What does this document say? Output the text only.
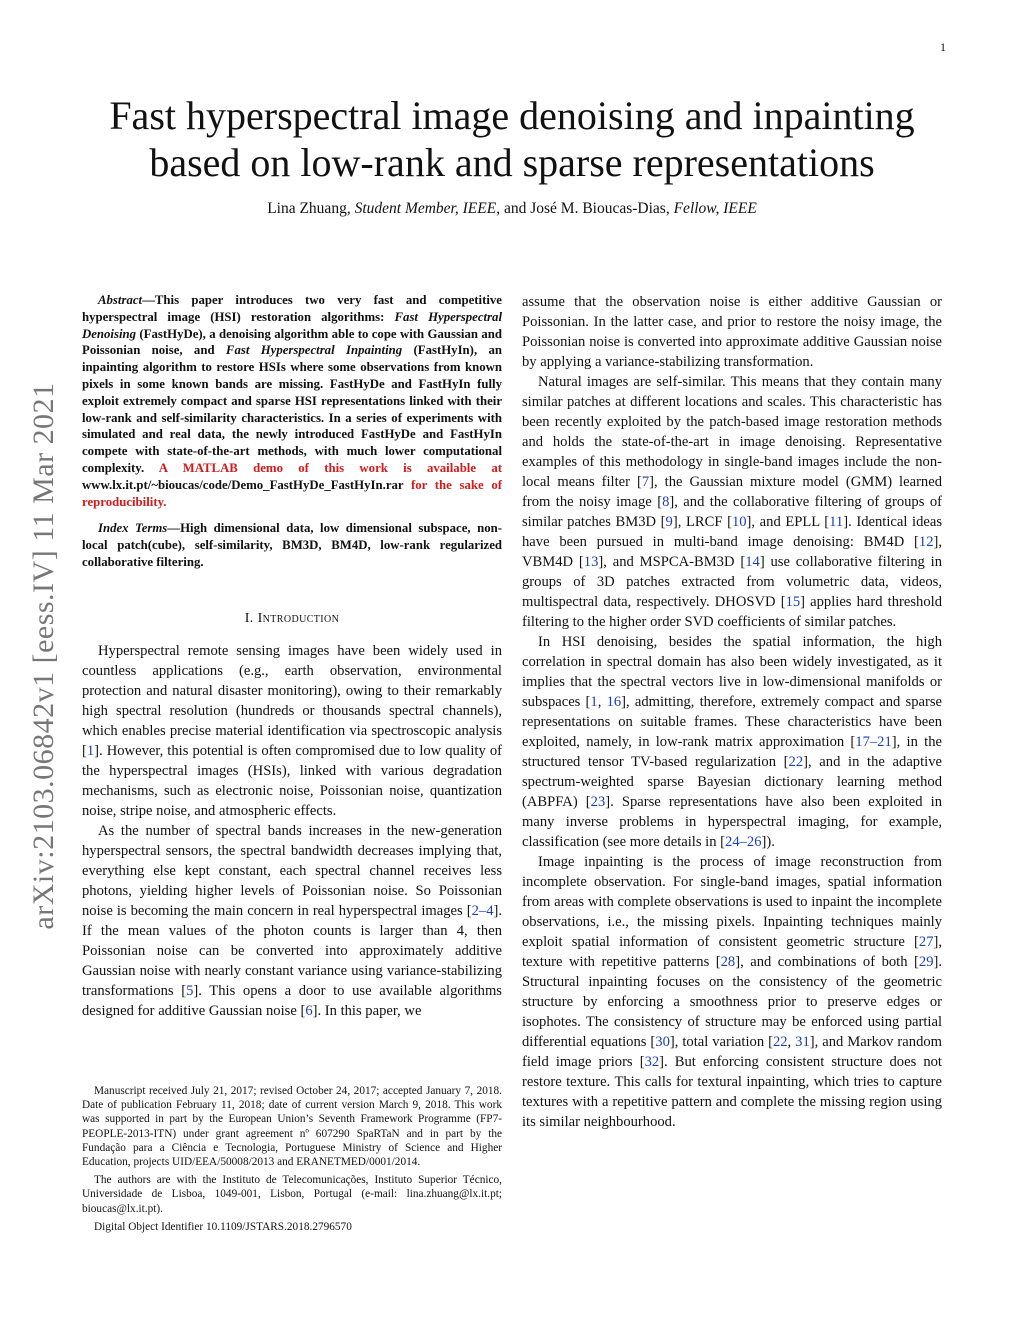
1
arXiv:2103.06842v1 [eess.IV] 11 Mar 2021
Fast hyperspectral image denoising and inpainting
based on low-rank and sparse representations
Lina Zhuang, Student Member, IEEE, and José M. Bioucas-Dias, Fellow, IEEE

Abstract—This paper introduces two very fast and competitive hyperspectral image (HSI) restoration algorithms: Fast Hyperspectral Denoising (FastHyDe), a denoising algorithm able to cope with Gaussian and Poissonian noise, and Fast Hyperspectral Inpainting (FastHyIn), an inpainting algorithm to restore HSIs where some observations from known pixels in some known bands are missing. FastHyDe and FastHyIn fully exploit extremely compact and sparse HSI representations linked with their low-rank and self-similarity characteristics. In a series of experiments with simulated and real data, the newly introduced FastHyDe and FastHyIn compete with state-of-the-art methods, with much lower computational complexity. A MATLAB demo of this work is available at www.lx.it.pt/~bioucas/code/Demo_FastHyDe_FastHyIn.rar for the sake of reproducibility.

Index Terms—High dimensional data, low dimensional subspace, non-local patch(cube), self-similarity, BM3D, BM4D, low-rank regularized collaborative filtering.

I. Introduction

Hyperspectral remote sensing images have been widely used in countless applications (e.g., earth observation, environmental protection and natural disaster monitoring), owing to their remarkably high spectral resolution (hundreds or thousands spectral channels), which enables precise material identification via spectroscopic analysis [1]. However, this potential is often compromised due to low quality of the hyperspectral images (HSIs), linked with various degradation mechanisms, such as electronic noise, Poissonian noise, quantization noise, stripe noise, and atmospheric effects.

As the number of spectral bands increases in the new-generation hyperspectral sensors, the spectral bandwidth decreases implying that, everything else kept constant, each spectral channel receives less photons, yielding higher levels of Poissonian noise. So Poissonian noise is becoming the main concern in real hyperspectral images [2–4]. If the mean values of the photon counts is larger than 4, then Poissonian noise can be converted into approximately additive Gaussian noise with nearly constant variance using variance-stabilizing transformations [5]. This opens a door to use available algorithms designed for additive Gaussian noise [6]. In this paper, we

Manuscript received July 21, 2017; revised October 24, 2017; accepted January 7, 2018. Date of publication February 11, 2018; date of current version March 9, 2018. This work was supported in part by the European Union’s Seventh Framework Programme (FP7-PEOPLE-2013-ITN) under grant agreement nº 607290 SpaRTaN and in part by the Fundação para a Ciência e Tecnologia, Portuguese Ministry of Science and Higher Education, projects UID/EEA/50008/2013 and ERANETMED/0001/2014.

The authors are with the Instituto de Telecomunicações, Instituto Superior Técnico, Universidade de Lisboa, 1049-001, Lisbon, Portugal (e-mail: lina.zhuang@lx.it.pt; bioucas@lx.it.pt).

Digital Object Identifier 10.1109/JSTARS.2018.2796570

assume that the observation noise is either additive Gaussian or Poissonian. In the latter case, and prior to restore the noisy image, the Poissonian noise is converted into approximate additive Gaussian noise by applying a variance-stabilizing transformation.

Natural images are self-similar. This means that they contain many similar patches at different locations and scales. This characteristic has been recently exploited by the patch-based image restoration methods and holds the state-of-the-art in image denoising. Representative examples of this methodology in single-band images include the non-local means filter [7], the Gaussian mixture model (GMM) learned from the noisy image [8], and the collaborative filtering of groups of similar patches BM3D [9], LRCF [10], and EPLL [11]. Identical ideas have been pursued in multi-band image denoising: BM4D [12], VBM4D [13], and MSPCA-BM3D [14] use collaborative filtering in groups of 3D patches extracted from volumetric data, videos, multispectral data, respectively. DHOSVD [15] applies hard threshold filtering to the higher order SVD coefficients of similar patches.

In HSI denoising, besides the spatial information, the high correlation in spectral domain has also been widely investigated, as it implies that the spectral vectors live in low-dimensional manifolds or subspaces [1, 16], admitting, therefore, extremely compact and sparse representations on suitable frames. These characteristics have been exploited, namely, in low-rank matrix approximation [17–21], in the structured tensor TV-based regularization [22], and in the adaptive spectrum-weighted sparse Bayesian dictionary learning method (ABPFA) [23]. Sparse representations have also been exploited in many inverse problems in hyperspectral imaging, for example, classification (see more details in [24–26]).

Image inpainting is the process of image reconstruction from incomplete observation. For single-band images, spatial information from areas with complete observations is used to inpaint the incomplete observations, i.e., the missing pixels. Inpainting techniques mainly exploit spatial information of consistent geometric structure [27], texture with repetitive patterns [28], and combinations of both [29]. Structural inpainting focuses on the consistency of the geometric structure by enforcing a smoothness prior to preserve edges or isophotes. The consistency of structure may be enforced using partial differential equations [30], total variation [22, 31], and Markov random field image priors [32]. But enforcing consistent structure does not restore texture. This calls for textural inpainting, which tries to capture textures with a repetitive pattern and complete the missing region using its similar neighbourhood.
